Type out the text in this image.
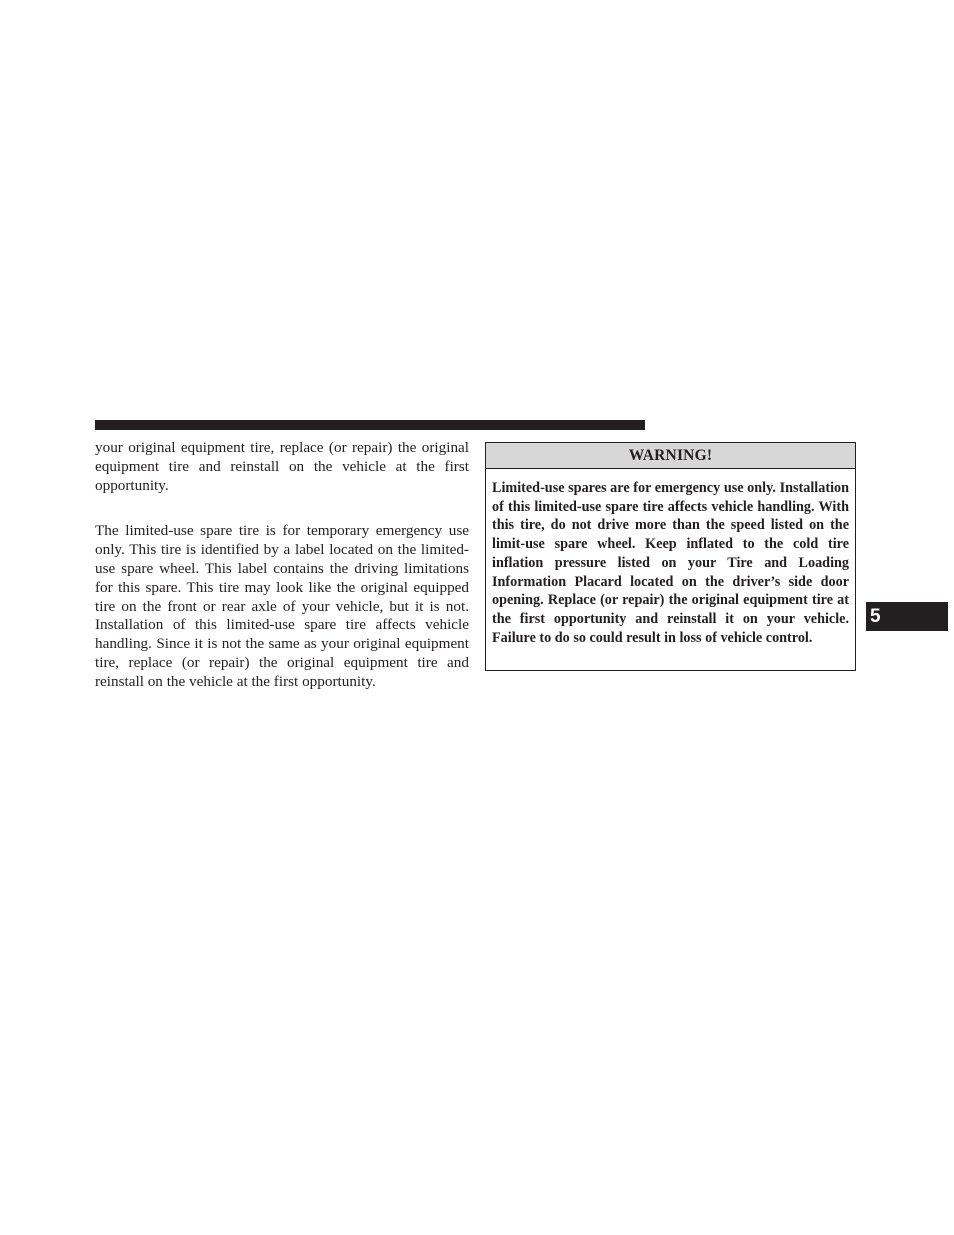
your original equipment tire, replace (or repair) the original equipment tire and reinstall on the vehicle at the first opportunity.

The limited-use spare tire is for temporary emergency use only. This tire is identified by a label located on the limited-use spare wheel. This label contains the driving limitations for this spare. This tire may look like the original equipped tire on the front or rear axle of your vehicle, but it is not. Installation of this limited-use spare tire affects vehicle handling. Since it is not the same as your original equipment tire, replace (or repair) the original equipment tire and reinstall on the vehicle at the first opportunity.

WARNING!
Limited-use spares are for emergency use only. Installation of this limited-use spare tire affects vehicle handling. With this tire, do not drive more than the speed listed on the limit-use spare wheel. Keep inflated to the cold tire inflation pressure listed on your Tire and Loading Information Placard located on the driver’s side door opening. Replace (or repair) the original equipment tire at the first opportunity and reinstall it on your vehicle. Failure to do so could result in loss of vehicle control.
5
